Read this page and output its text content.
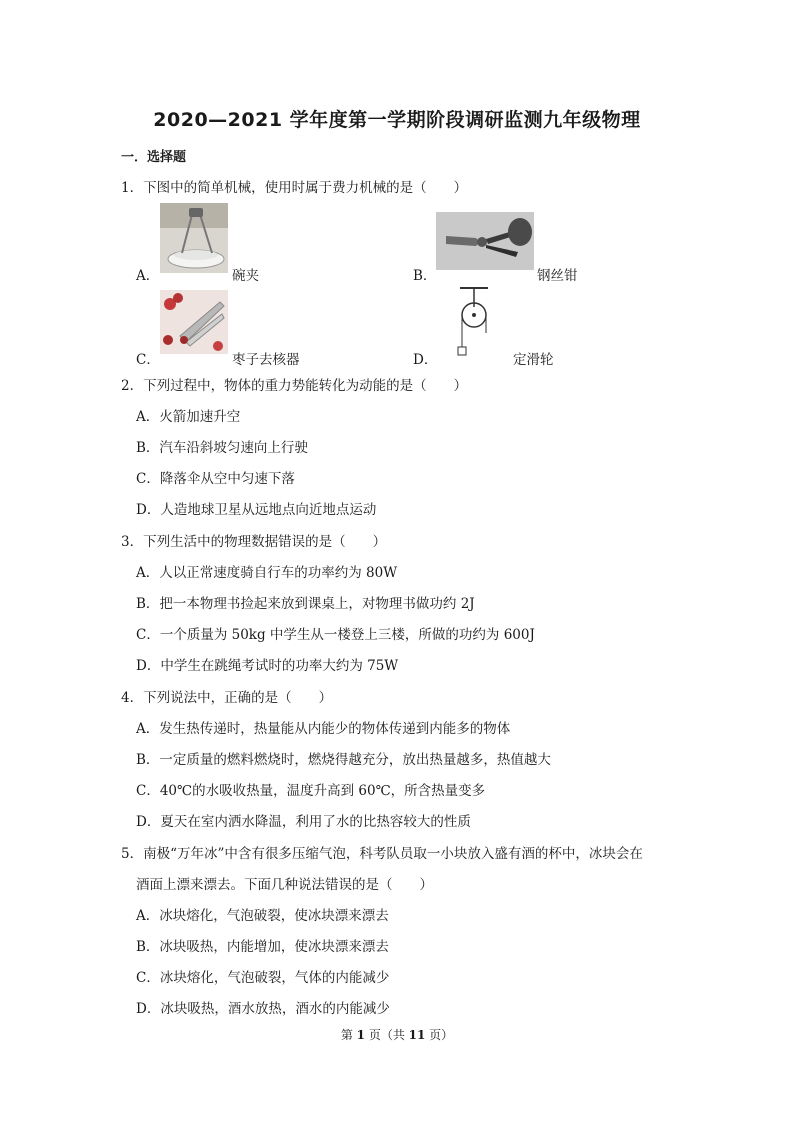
2020—2021 学年度第一学期阶段调研监测九年级物理
一．选择题
1．下图中的简单机械，使用时属于费力机械的是（　　）
A．	碗夹	B．	钢丝钳
C．	枣子去核器	D．	定滑轮
2．下列过程中，物体的重力势能转化为动能的是（　　）
A．火箭加速升空
B．汽车沿斜坡匀速向上行驶
C．降落伞从空中匀速下落
D．人造地球卫星从远地点向近地点运动
3．下列生活中的物理数据错误的是（　　）
A．人以正常速度骑自行车的功率约为 80W
B．把一本物理书捡起来放到课桌上，对物理书做功约 2J
C．一个质量为 50kg 中学生从一楼登上三楼，所做的功约为 600J
D．中学生在跳绳考试时的功率大约为 75W
4．下列说法中，正确的是（　　）
A．发生热传递时，热量能从内能少的物体传递到内能多的物体
B．一定质量的燃料燃烧时，燃烧得越充分，放出热量越多，热值越大
C．40℃的水吸收热量，温度升高到 60℃，所含热量变多
D．夏天在室内洒水降温，利用了水的比热容较大的性质
5．南极“万年冰”中含有很多压缩气泡，科考队员取一小块放入盛有酒的杯中，冰块会在
酒面上漂来漂去。下面几种说法错误的是（　　）
A．冰块熔化，气泡破裂，使冰块漂来漂去
B．冰块吸热，内能增加，使冰块漂来漂去
C．冰块熔化，气泡破裂，气体的内能减少
D．冰块吸热，酒水放热，酒水的内能减少
第 1 页（共 11 页）
